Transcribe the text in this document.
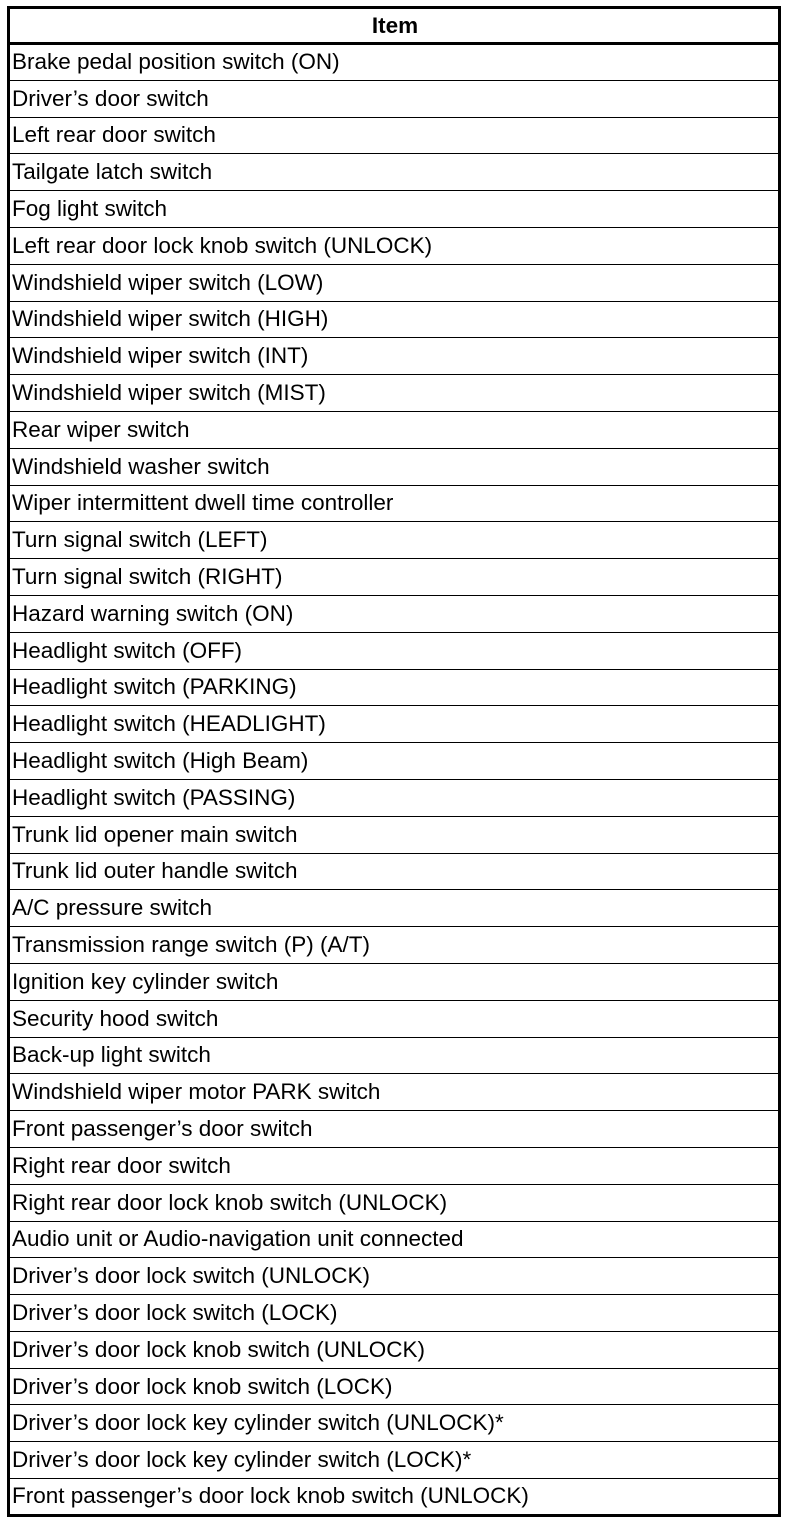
Item
Brake pedal position switch (ON)
Driver’s door switch
Left rear door switch
Tailgate latch switch
Fog light switch
Left rear door lock knob switch (UNLOCK)
Windshield wiper switch (LOW)
Windshield wiper switch (HIGH)
Windshield wiper switch (INT)
Windshield wiper switch (MIST)
Rear wiper switch
Windshield washer switch
Wiper intermittent dwell time controller
Turn signal switch (LEFT)
Turn signal switch (RIGHT)
Hazard warning switch (ON)
Headlight switch (OFF)
Headlight switch (PARKING)
Headlight switch (HEADLIGHT)
Headlight switch (High Beam)
Headlight switch (PASSING)
Trunk lid opener main switch
Trunk lid outer handle switch
A/C pressure switch
Transmission range switch (P) (A/T)
Ignition key cylinder switch
Security hood switch
Back-up light switch
Windshield wiper motor PARK switch
Front passenger’s door switch
Right rear door switch
Right rear door lock knob switch (UNLOCK)
Audio unit or Audio-navigation unit connected
Driver’s door lock switch (UNLOCK)
Driver’s door lock switch (LOCK)
Driver’s door lock knob switch (UNLOCK)
Driver’s door lock knob switch (LOCK)
Driver’s door lock key cylinder switch (UNLOCK)*
Driver’s door lock key cylinder switch (LOCK)*
Front passenger’s door lock knob switch (UNLOCK)
